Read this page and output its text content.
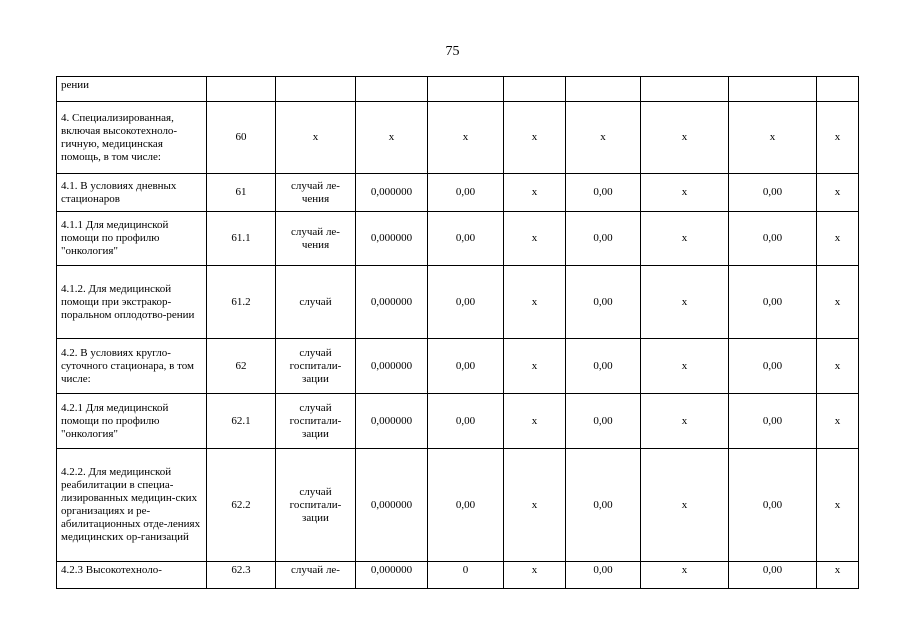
75
рении									
4. Специализированная, включая высокотехноло-гичную, медицинская помощь, в том числе:	60	х	х	х	х	х	х	х	х
4.1. В условиях дневных стационаров	61	случай ле-чения	0,000000	0,00	х	0,00	х	0,00	х
4.1.1 Для медицинской помощи по профилю "онкология"	61.1	случай ле-чения	0,000000	0,00	х	0,00	х	0,00	х
4.1.2. Для медицинской помощи при экстракор-поральном оплодотво-рении	61.2	случай	0,000000	0,00	х	0,00	х	0,00	х
4.2. В условиях кругло-суточного стационара, в том числе:	62	случай госпитали-зации	0,000000	0,00	х	0,00	х	0,00	х
4.2.1 Для медицинской помощи по профилю "онкология"	62.1	случай госпитали-зации	0,000000	0,00	х	0,00	х	0,00	х
4.2.2. Для медицинской реабилитации в специа-лизированных медицин-ских организациях и ре-абилитационных отде-лениях медицинских ор-ганизаций	62.2	случай госпитали-зации	0,000000	0,00	х	0,00	х	0,00	х
4.2.3 Высокотехноло-	62.3	случай ле-	0,000000	0	х	0,00	х	0,00	х
